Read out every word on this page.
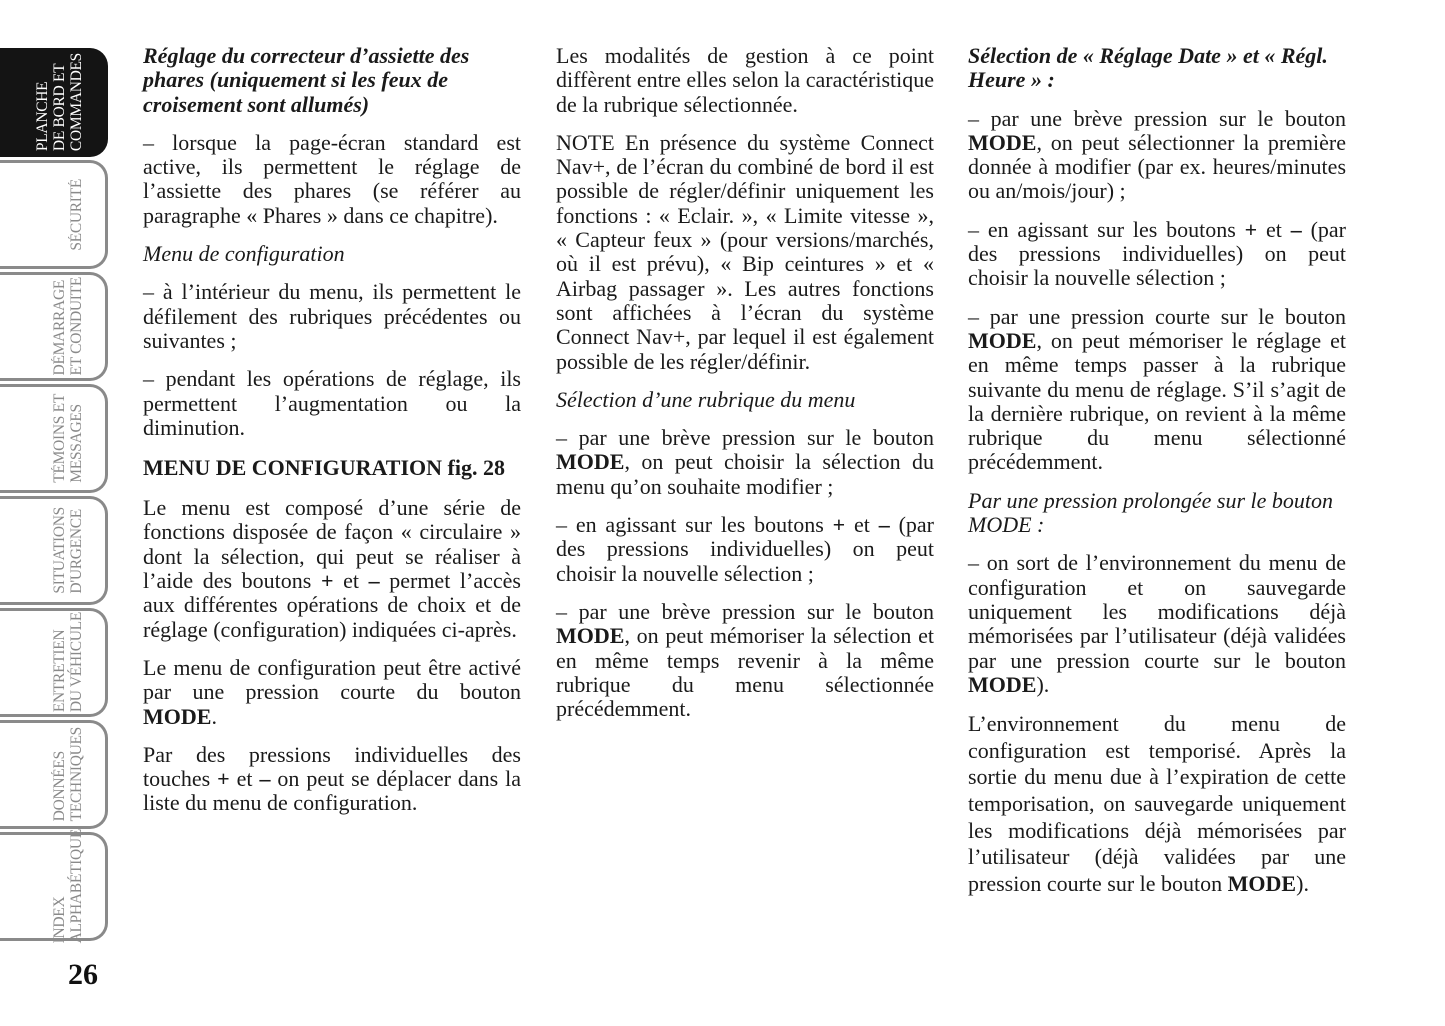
PLANCHE
DE BORD ET
COMMANDES
SÉCURITÉ
DÉMARRAGE
ET CONDUITE
TÉMOINS ET
MESSAGES
SITUATIONS
D'URGENCE
ENTRETIEN
DU VÉHICULE
DONNÉES
TECHNIQUES
INDEX
ALPHABÉTIQUE
26

Réglage du correcteur d’assiette des phares (uniquement si les feux de croisement sont allumés)

– lorsque la page-écran standard est active, ils permettent le réglage de l’assiette des phares (se référer au paragraphe « Phares » dans ce chapitre).

Menu de configuration

– à l’intérieur du menu, ils permettent le défilement des rubriques précédentes ou suivantes ;

– pendant les opérations de réglage, ils permettent l’augmentation ou la diminution.

MENU DE CONFIGURATION fig. 28

Le menu est composé d’une série de fonctions disposée de façon « circulaire » dont la sélection, qui peut se réaliser à l’aide des boutons + et – permet l’accès aux différentes opérations de choix et de réglage (configuration) indiquées ci-après.

Le menu de configuration peut être activé par une pression courte du bouton MODE.

Par des pressions individuelles des touches + et – on peut se déplacer dans la liste du menu de configuration.

Les modalités de gestion à ce point diffèrent entre elles selon la caractéristique de la rubrique sélectionnée.

NOTE En présence du système Connect Nav+, de l’écran du combiné de bord il est possible de régler/définir uniquement les fonctions : « Eclair. », « Limite vitesse », « Capteur feux » (pour versions/marchés, où il est prévu), « Bip ceintures » et « Airbag passager ». Les autres fonctions sont affichées à l’écran du système Connect Nav+, par lequel il est également possible de les régler/définir.

Sélection d’une rubrique du menu

– par une brève pression sur le bouton MODE, on peut choisir la sélection du menu qu’on souhaite modifier ;

– en agissant sur les boutons + et – (par des pressions individuelles) on peut choisir la nouvelle sélection ;

– par une brève pression sur le bouton MODE, on peut mémoriser la sélection et en même temps revenir à la même rubrique du menu sélectionnée précédemment.

Sélection de « Réglage Date » et « Régl. Heure » :

– par une brève pression sur le bouton MODE, on peut sélectionner la première donnée à modifier (par ex. heures/minutes ou an/mois/jour) ;

– en agissant sur les boutons + et – (par des pressions individuelles) on peut choisir la nouvelle sélection ;

– par une pression courte sur le bouton MODE, on peut mémoriser le réglage et en même temps passer à la rubrique suivante du menu de réglage. S’il s’agit de la dernière rubrique, on revient à la même rubrique du menu sélectionné précédemment.

Par une pression prolongée sur le bouton MODE :

– on sort de l’environnement du menu de configuration et on sauvegarde uniquement les modifications déjà mémorisées par l’utilisateur (déjà validées par une pression courte sur le bouton MODE).

L’environnement du menu de configuration est temporisé. Après la sortie du menu due à l’expiration de cette temporisation, on sauvegarde uniquement les modifications déjà mémorisées par l’utilisateur (déjà validées par une pression courte sur le bouton MODE).
